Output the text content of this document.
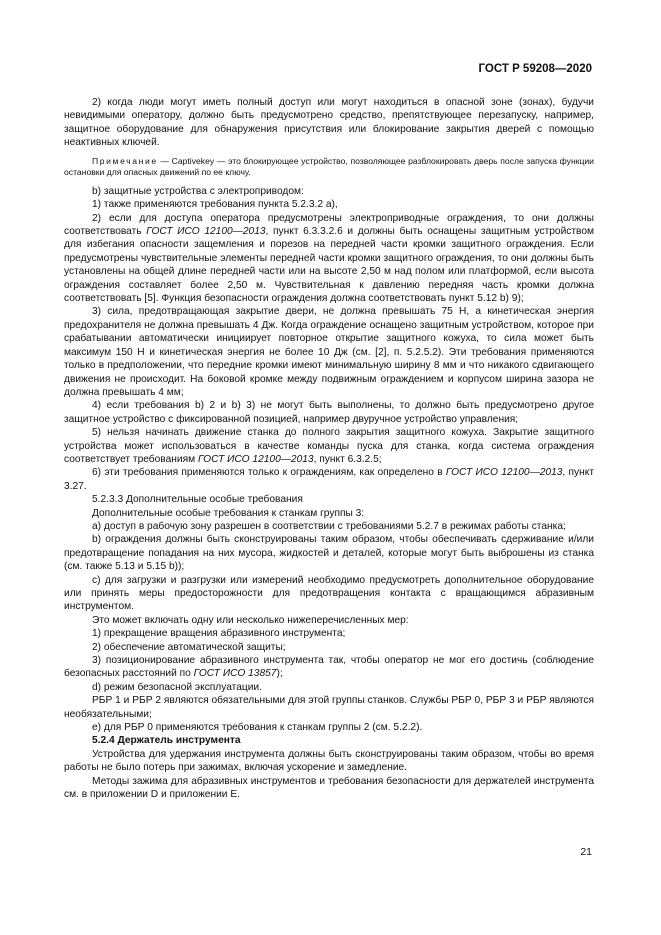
ГОСТ Р 59208—2020

2) когда люди могут иметь полный доступ или могут находиться в опасной зоне (зонах), будучи невидимыми оператору, должно быть предусмотрено средство, препятствующее перезапуску, например, защитное оборудование для обнаружения присутствия или блокирование закрытия дверей с помощью неактивных ключей.

Примечание — Captivekey — это блокирующее устройство, позволяющее разблокировать дверь после запуска функции остановки для опасных движений по ее ключу.

b) защитные устройства с электроприводом:

1) также применяются требования пункта 5.2.3.2 a),

2) если для доступа оператора предусмотрены электроприводные ограждения, то они должны соответствовать ГОСТ ИСО 12100—2013, пункт 6.3.3.2.6 и должны быть оснащены защитным устройством для избегания опасности защемления и порезов на передней части кромки защитного ограждения. Если предусмотрены чувствительные элементы передней части кромки защитного ограждения, то они должны быть установлены на общей длине передней части или на высоте 2,50 м над полом или платформой, если высота ограждения составляет более 2,50 м. Чувствительная к давлению передняя часть кромки должна соответствовать [5]. Функция безопасности ограждения должна соответствовать пункт 5.12 b) 9);

3) сила, предотвращающая закрытие двери, не должна превышать 75 Н, а кинетическая энергия предохранителя не должна превышать 4 Дж. Когда ограждение оснащено защитным устройством, которое при срабатывании автоматически инициирует повторное открытие защитного кожуха, то сила может быть максимум 150 Н и кинетическая энергия не более 10 Дж (см. [2], п. 5.2.5.2). Эти требования применяются только в предположении, что передние кромки имеют минимальную ширину 8 мм и что никакого сдвигающего движения не происходит. На боковой кромке между подвижным ограждением и корпусом ширина зазора не должна превышать 4 мм;

4) если требования b) 2 и b) 3) не могут быть выполнены, то должно быть предусмотрено другое защитное устройство с фиксированной позицией, например двуручное устройство управления;

5) нельзя начинать движение станка до полного закрытия защитного кожуха. Закрытие защитного устройства может использоваться в качестве команды пуска для станка, когда система ограждения соответствует требованиям ГОСТ ИСО 12100—2013, пункт 6.3.2.5;

6) эти требования применяются только к ограждениям, как определено в ГОСТ ИСО 12100—2013, пункт 3.27.

5.2.3.3 Дополнительные особые требования

Дополнительные особые требования к станкам группы 3:

a) доступ в рабочую зону разрешен в соответствии с требованиями 5.2.7 в режимах работы станка;

b) ограждения должны быть сконструированы таким образом, чтобы обеспечивать сдерживание и/или предотвращение попадания на них мусора, жидкостей и деталей, которые могут быть выброшены из станка (см. также 5.13 и 5.15 b));

c) для загрузки и разгрузки или измерений необходимо предусмотреть дополнительное оборудование или принять меры предосторожности для предотвращения контакта с вращающимся абразивным инструментом.

Это может включать одну или несколько нижеперечисленных мер:

1) прекращение вращения абразивного инструмента;

2) обеспечение автоматической защиты;

3) позиционирование абразивного инструмента так, чтобы оператор не мог его достичь (соблюдение безопасных расстояний по ГОСТ ИСО 13857);

d) режим безопасной эксплуатации.

РБР 1 и РБР 2 являются обязательными для этой группы станков. Службы РБР 0, РБР 3 и РБР являются необязательными;

e) для РБР 0 применяются требования к станкам группы 2 (см. 5.2.2).

5.2.4 Держатель инструмента

Устройства для удержания инструмента должны быть сконструированы таким образом, чтобы во время работы не было потерь при зажимах, включая ускорение и замедление.

Методы зажима для абразивных инструментов и требования безопасности для держателей инструмента см. в приложении D и приложении E.

21
